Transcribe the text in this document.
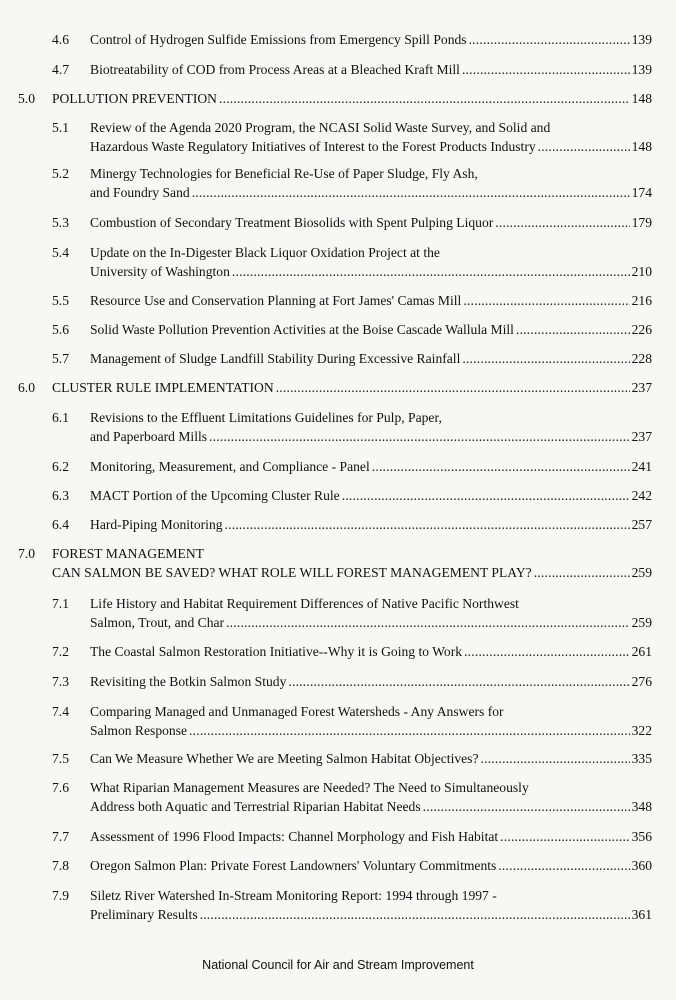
4.6 Control of Hydrogen Sulfide Emissions from Emergency Spill Ponds . . .	139
4.7 Biotreatability of COD from Process Areas at a Bleached Kraft Mill . . .	139
5.0 POLLUTION PREVENTION . . .	148
5.1 Review of the Agenda 2020 Program, the NCASI Solid Waste Survey, and Solid and
Hazardous Waste Regulatory Initiatives of Interest to the Forest Products Industry . . .	148
5.2 Minergy Technologies for Beneficial Re-Use of Paper Sludge, Fly Ash,
and Foundry Sand . . .	174
5.3 Combustion of Secondary Treatment Biosolids with Spent Pulping Liquor . . .	179
5.4 Update on the In-Digester Black Liquor Oxidation Project at the
University of Washington . . .	210
5.5 Resource Use and Conservation Planning at Fort James' Camas Mill . . .	216
5.6 Solid Waste Pollution Prevention Activities at the Boise Cascade Wallula Mill . . .	226
5.7 Management of Sludge Landfill Stability During Excessive Rainfall . . .	228
6.0 CLUSTER RULE IMPLEMENTATION . . .	237
6.1 Revisions to the Effluent Limitations Guidelines for Pulp, Paper,
and Paperboard Mills . . .	237
6.2 Monitoring, Measurement, and Compliance - Panel . . .	241
6.3 MACT Portion of the Upcoming Cluster Rule . . .	242
6.4 Hard-Piping Monitoring . . .	257
7.0 FOREST MANAGEMENT
CAN SALMON BE SAVED? WHAT ROLE WILL FOREST MANAGEMENT PLAY? . . .	259
7.1 Life History and Habitat Requirement Differences of Native Pacific Northwest
Salmon, Trout, and Char . . .	259
7.2 The Coastal Salmon Restoration Initiative--Why it is Going to Work . . .	261
7.3 Revisiting the Botkin Salmon Study . . .	276
7.4 Comparing Managed and Unmanaged Forest Watersheds - Any Answers for
Salmon Response . . .	322
7.5 Can We Measure Whether We are Meeting Salmon Habitat Objectives? . . .	335
7.6 What Riparian Management Measures are Needed? The Need to Simultaneously
Address both Aquatic and Terrestrial Riparian Habitat Needs . . .	348
7.7 Assessment of 1996 Flood Impacts: Channel Morphology and Fish Habitat . . .	356
7.8 Oregon Salmon Plan: Private Forest Landowners' Voluntary Commitments . . .	360
7.9 Siletz River Watershed In-Stream Monitoring Report: 1994 through 1997 -
Preliminary Results . . .	361
National Council for Air and Stream Improvement
